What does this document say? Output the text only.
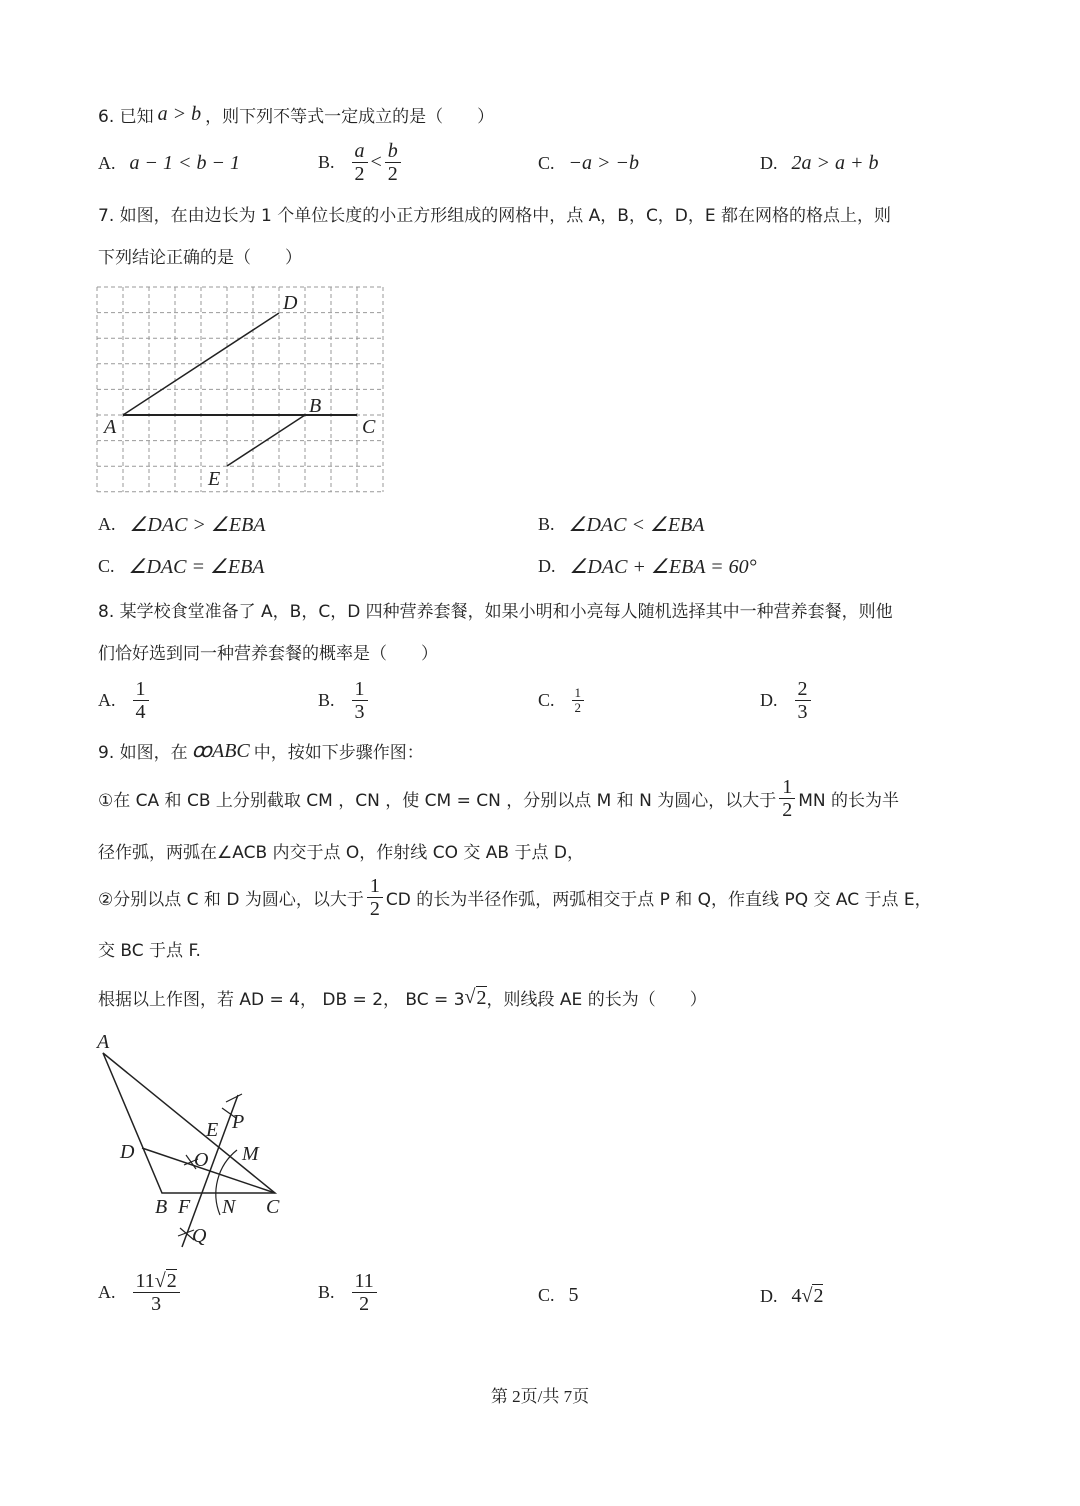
6. 已知 a > b ，则下列不等式一定成立的是（　　）
A. a − 1 < b − 1	B. $\frac{a}{2} < \frac{b}{2}$	C. −a > −b	D. 2a > a + b
7. 如图，在由边长为 1 个单位长度的小正方形组成的网格中，点 A，B，C，D，E 都在网格的格点上，则
下列结论正确的是（　　）
A
D
B
C
E
A. ∠DAC > ∠EBA	B. ∠DAC < ∠EBA
C. ∠DAC = ∠EBA	D. ∠DAC + ∠EBA = 60°
8. 某学校食堂准备了 A，B，C，D 四种营养套餐，如果小明和小亮每人随机选择其中一种营养套餐，则他
们恰好选到同一种营养套餐的概率是（　　）
A. $\frac{1}{4}$	B. $\frac{1}{3}$	C. $\frac{1}{2}$	D. $\frac{2}{3}$
9. 如图，在 ꝏABC 中，按如下步骤作图：
①在 CA 和 CB 上分别截取 CM ，CN ，使 CM = CN ，分别以点 M 和 N 为圆心，以大于 $\frac{1}{2}$ MN 的长为半
径作弧，两弧在∠ACB 内交于点 O，作射线 CO 交 AB 于点 D，
②分别以点 C 和 D 为圆心，以大于 $\frac{1}{2}$ CD 的长为半径作弧，两弧相交于点 P 和 Q，作直线 PQ 交 AC 于点 E，
交 BC 于点 F.
根据以上作图，若 AD = 4， DB = 2， BC = 3 √ 2 ，则线段 AE 的长为（　　）
A
D
B F N C
E P
O M
Q
A. $\frac{11√2}{3}$	B. $\frac{11}{2}$	C. 5	D. 4 √ 2
第 2页/共 7页
